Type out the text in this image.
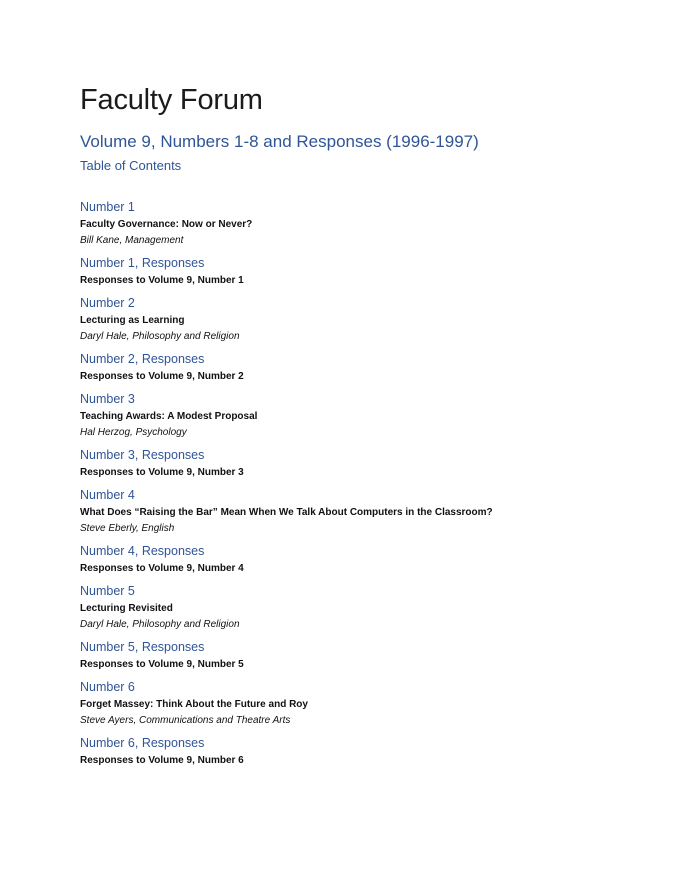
Faculty Forum
Volume 9, Numbers 1-8 and Responses (1996-1997)
Table of Contents
Number 1
Faculty Governance: Now or Never?
Bill Kane, Management
Number 1, Responses
Responses to Volume 9, Number 1
Number 2
Lecturing as Learning
Daryl Hale, Philosophy and Religion
Number 2, Responses
Responses to Volume 9, Number 2
Number 3
Teaching Awards: A Modest Proposal
Hal Herzog, Psychology
Number 3, Responses
Responses to Volume 9, Number 3
Number 4
What Does “Raising the Bar” Mean When We Talk About Computers in the Classroom?
Steve Eberly, English
Number 4, Responses
Responses to Volume 9, Number 4
Number 5
Lecturing Revisited
Daryl Hale, Philosophy and Religion
Number 5, Responses
Responses to Volume 9, Number 5
Number 6
Forget Massey: Think About the Future and Roy
Steve Ayers, Communications and Theatre Arts
Number 6, Responses
Responses to Volume 9, Number 6
